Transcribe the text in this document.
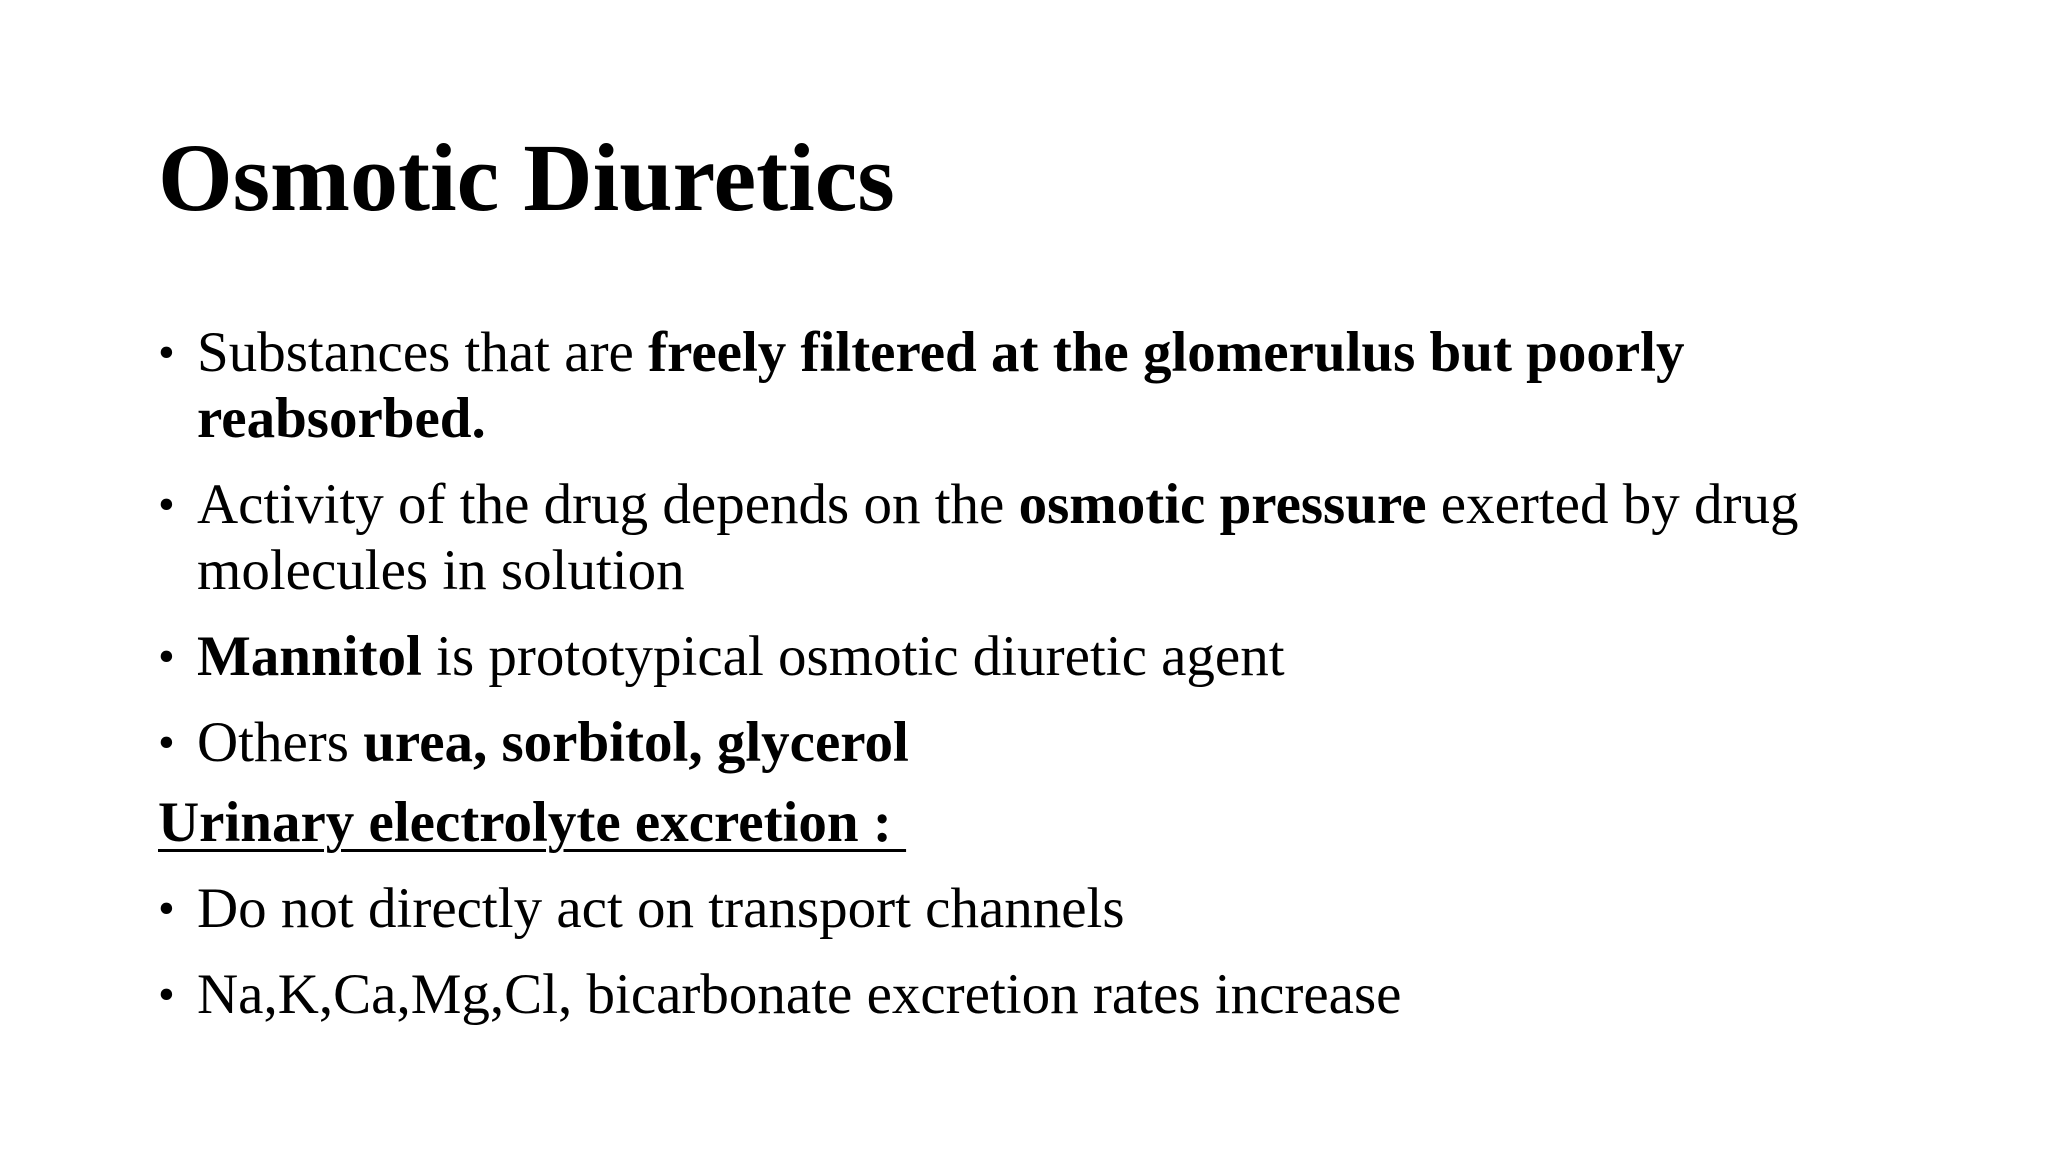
Osmotic Diuretics
• Substances that are freely filtered at the glomerulus but poorly reabsorbed.
• Activity of the drug depends on the osmotic pressure exerted by drug molecules in solution
• Mannitol is prototypical osmotic diuretic agent
• Others urea, sorbitol, glycerol
Urinary electrolyte excretion :
• Do not directly act on transport channels
• Na,K,Ca,Mg,Cl, bicarbonate excretion rates increase
